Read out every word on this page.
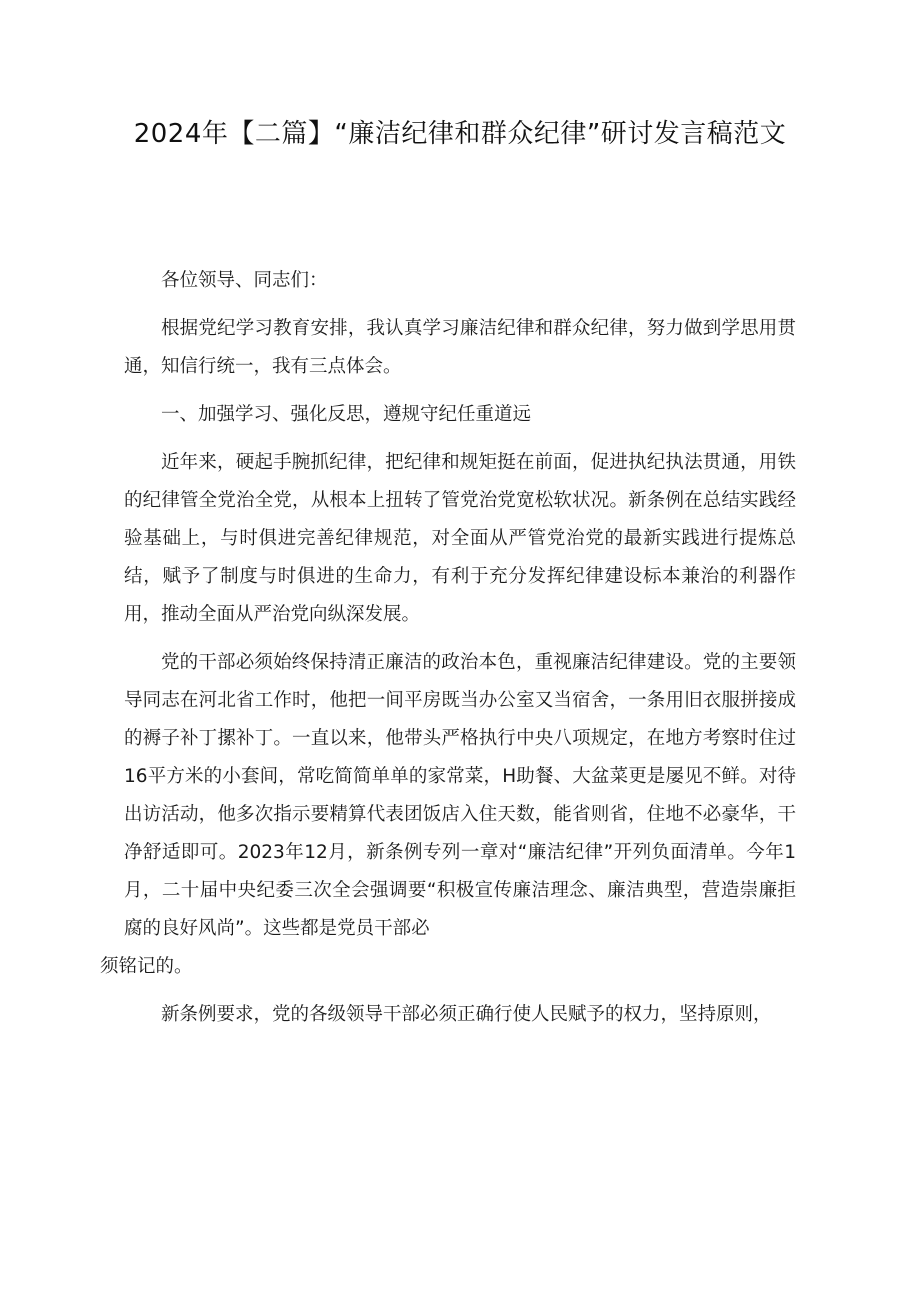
2024年【二篇】“廉洁纪律和群众纪律”研讨发言稿范文

各位领导、同志们：

根据党纪学习教育安排，我认真学习廉洁纪律和群众纪律，努力做到学思用贯通，知信行统一，我有三点体会。

一、加强学习、强化反思，遵规守纪任重道远

近年来，硬起手腕抓纪律，把纪律和规矩挺在前面，促进执纪执法贯通，用铁的纪律管全党治全党，从根本上扭转了管党治党宽松软状况。新条例在总结实践经验基础上，与时俱进完善纪律规范，对全面从严管党治党的最新实践进行提炼总结，赋予了制度与时俱进的生命力，有利于充分发挥纪律建设标本兼治的利器作用，推动全面从严治党向纵深发展。

党的干部必须始终保持清正廉洁的政治本色，重视廉洁纪律建设。党的主要领导同志在河北省工作时，他把一间平房既当办公室又当宿舍，一条用旧衣服拼接成的褥子补丁摞补丁。一直以来，他带头严格执行中央八项规定，在地方考察时住过16平方米的小套间，常吃简简单单的家常菜，H助餐、大盆菜更是屡见不鲜。对待出访活动，他多次指示要精算代表团饭店入住天数，能省则省，住地不必豪华，干净舒适即可。2023年12月，新条例专列一章对“廉洁纪律”开列负面清单。今年1月，二十届中央纪委三次全会强调要“积极宣传廉洁理念、廉洁典型，营造崇廉拒腐的良好风尚”。这些都是党员干部必

须铭记的。

新条例要求，党的各级领导干部必须正确行使人民赋予的权力，坚持原则，
